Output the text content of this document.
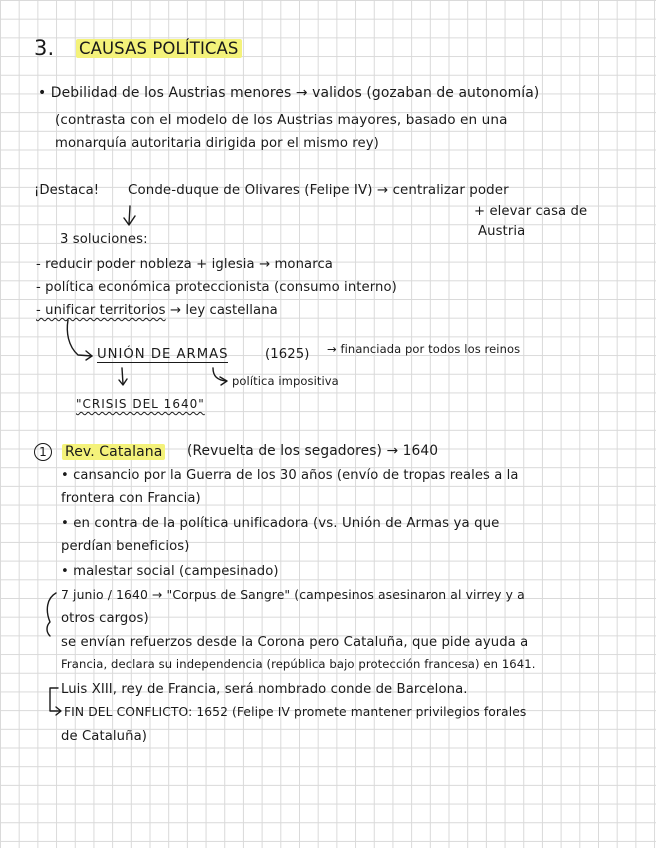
3. CAUSAS POLÍTICAS
• Debilidad de los Austrias menores → validos (gozaban de autonomía)
(contrasta con el modelo de los Austrias mayores, basado en una
monarquía autoritaria dirigida por el mismo rey)
¡Destaca! Conde-duque de Olivares (Felipe IV) → centralizar poder
+ elevar casa de
Austria
3 soluciones:
- reducir poder nobleza + iglesia → monarca
- política económica proteccionista (consumo interno)
- unificar territorios → ley castellana
UNIÓN DE ARMAS	(1625) → financiada por todos los reinos
política impositiva
"CRISIS DEL 1640"
1	Rev. Catalana (Revuelta de los segadores) → 1640
• cansancio por la Guerra de los 30 años (envío de tropas reales a la
frontera con Francia)
• en contra de la política unificadora (vs. Unión de Armas ya que
perdían beneficios)
• malestar social (campesinado)
7 junio / 1640 → "Corpus de Sangre" (campesinos asesinaron al virrey y a
otros cargos)
se envían refuerzos desde la Corona pero Cataluña, que pide ayuda a
Francia, declara su independencia (república bajo protección francesa) en 1641.
Luis XIII, rey de Francia, será nombrado conde de Barcelona.
FIN DEL CONFLICTO: 1652 (Felipe IV promete mantener privilegios forales
de Cataluña)
